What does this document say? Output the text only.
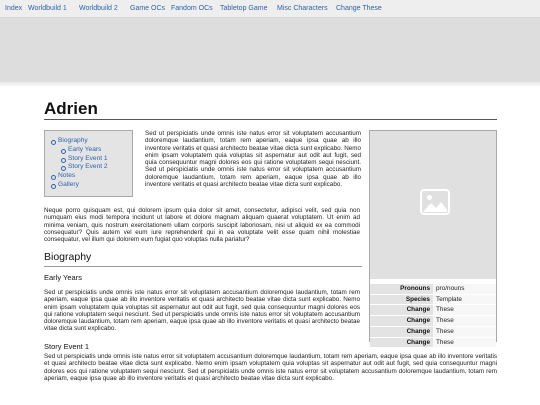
Index Worldbuild 1 Worldbuild 2 Game OCs Fandom OCs Tabletop Game Misc Characters Change These
Adrien
Biography
Early Years
Story Event 1
Story Event 2
Notes
Gallery
Sed ut perspiciatis unde omnis iste natus error sit voluptatem accusantium doloremque laudantium, totam rem aperiam, eaque ipsa quae ab illo inventore veritatis et quasi architecto beatae vitae dicta sunt explicabo. Nemo enim ipsam voluptatem quia voluptas sit aspernatur aut odit aut fugit, sed quia consequuntur magni dolores eos qui ratione voluptatem sequi nesciunt. Sed ut perspiciatis unde omnis iste natus error sit voluptatem accusantium doloremque laudantium, totam rem aperiam, eaque ipsa quae ab illo inventore veritatis et quasi architecto beatae vitae dicta sunt explicabo.
Neque porro quisquam est, qui dolorem ipsum quia dolor sit amet, consectetur, adipisci velit, sed quia non numquam eius modi tempora incidunt ut labore et dolore magnam aliquam quaerat voluptatem. Ut enim ad minima veniam, quis nostrum exercitationem ullam corporis suscipit laboriosam, nisi ut aliquid ex ea commodi consequatur? Quis autem vel eum iure reprehenderit qui in ea voluptate velit esse quam nihil molestiae consequatur, vel illum qui dolorem eum fugiat quo voluptas nulla pariatur?
Biography
Early Years
Sed ut perspiciatis unde omnis iste natus error sit voluptatem accusantium doloremque laudantium, totam rem aperiam, eaque ipsa quae ab illo inventore veritatis et quasi architecto beatae vitae dicta sunt explicabo. Nemo enim ipsam voluptatem quia voluptas sit aspernatur aut odit aut fugit, sed quia consequuntur magni dolores eos qui ratione voluptatem sequi nesciunt. Sed ut perspiciatis unde omnis iste natus error sit voluptatem accusantium doloremque laudantium, totam rem aperiam, eaque ipsa quae ab illo inventore veritatis et quasi architecto beatae vitae dicta sunt explicabo.
Story Event 1
Sed ut perspiciatis unde omnis iste natus error sit voluptatem accusantium doloremque laudantium, totam rem aperiam, eaque ipsa quae ab illo inventore veritatis et quasi architecto beatae vitae dicta sunt explicabo. Nemo enim ipsam voluptatem quia voluptas sit aspernatur aut odit aut fugit, sed quia consequuntur magni dolores eos qui ratione voluptatem sequi nesciunt. Sed ut perspiciatis unde omnis iste natus error sit voluptatem accusantium doloremque laudantium, totam rem aperiam, eaque ipsa quae ab illo inventore veritatis et quasi architecto beatae vitae dicta sunt explicabo.
Pronouns	pro/nouns
Species	Template
Change	These
Change	These
Change	These
Change	These
